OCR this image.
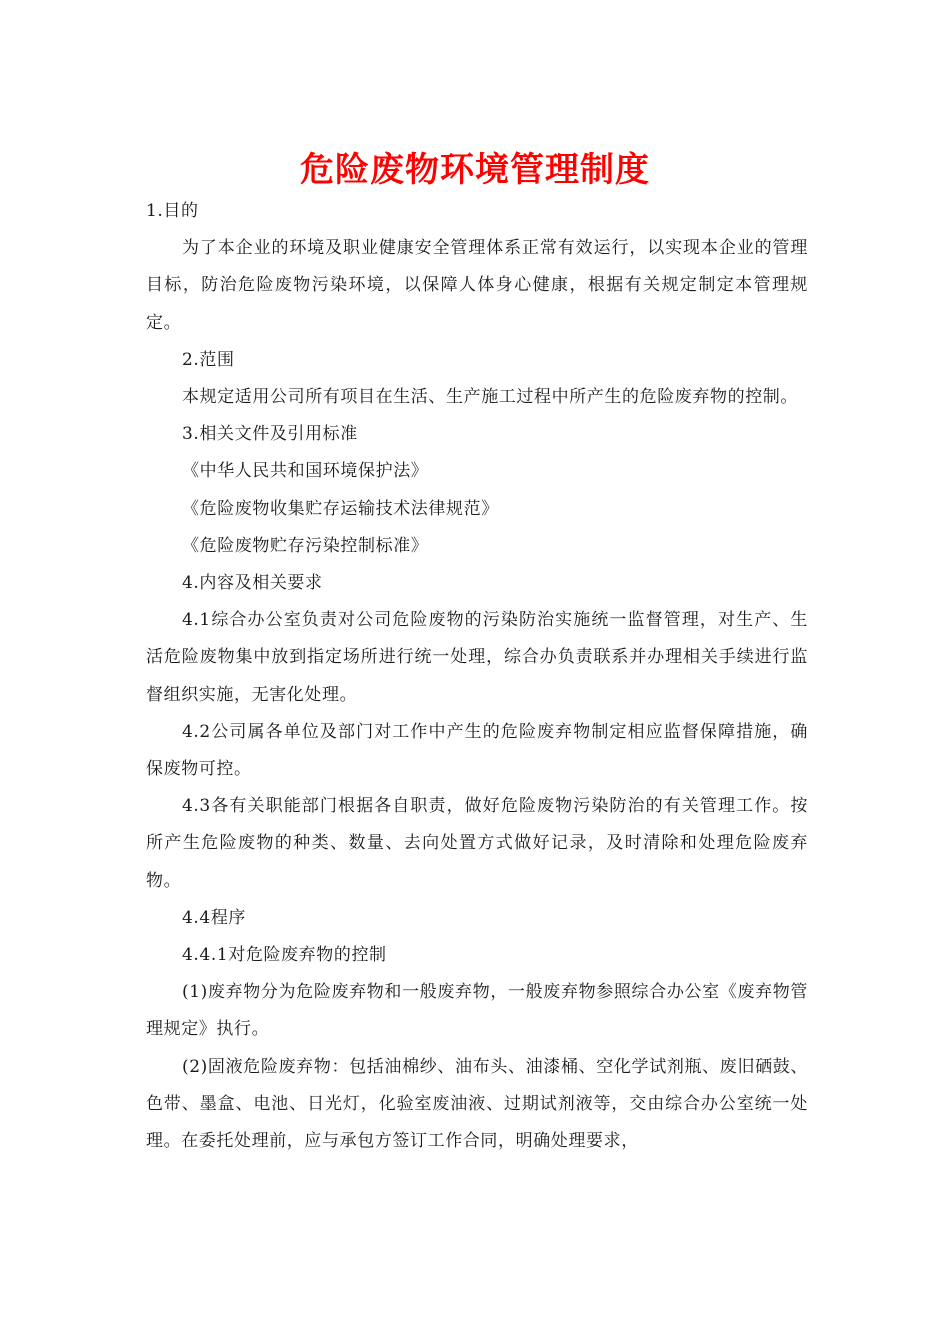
危险废物环境管理制度

1.目的

为了本企业的环境及职业健康安全管理体系正常有效运行，以实现本企业的管理目标，防治危险废物污染环境，以保障人体身心健康，根据有关规定制定本管理规定。

2.范围

本规定适用公司所有项目在生活、生产施工过程中所产生的危险废弃物的控制。

3.相关文件及引用标准

《中华人民共和国环境保护法》

《危险废物收集贮存运输技术法律规范》

《危险废物贮存污染控制标准》

4.内容及相关要求

4.1综合办公室负责对公司危险废物的污染防治实施统一监督管理，对生产、生活危险废物集中放到指定场所进行统一处理，综合办负责联系并办理相关手续进行监督组织实施，无害化处理。

4.2公司属各单位及部门对工作中产生的危险废弃物制定相应监督保障措施，确保废物可控。

4.3各有关职能部门根据各自职责，做好危险废物污染防治的有关管理工作。按所产生危险废物的种类、数量、去向处置方式做好记录，及时清除和处理危险废弃物。

4.4程序

4.4.1对危险废弃物的控制

(1)废弃物分为危险废弃物和一般废弃物，一般废弃物参照综合办公室《废弃物管理规定》执行。

(2)固液危险废弃物：包括油棉纱、油布头、油漆桶、空化学试剂瓶、废旧硒鼓、色带、墨盒、电池、日光灯，化验室废油液、过期试剂液等，交由综合办公室统一处理。在委托处理前，应与承包方签订工作合同，明确处理要求，
